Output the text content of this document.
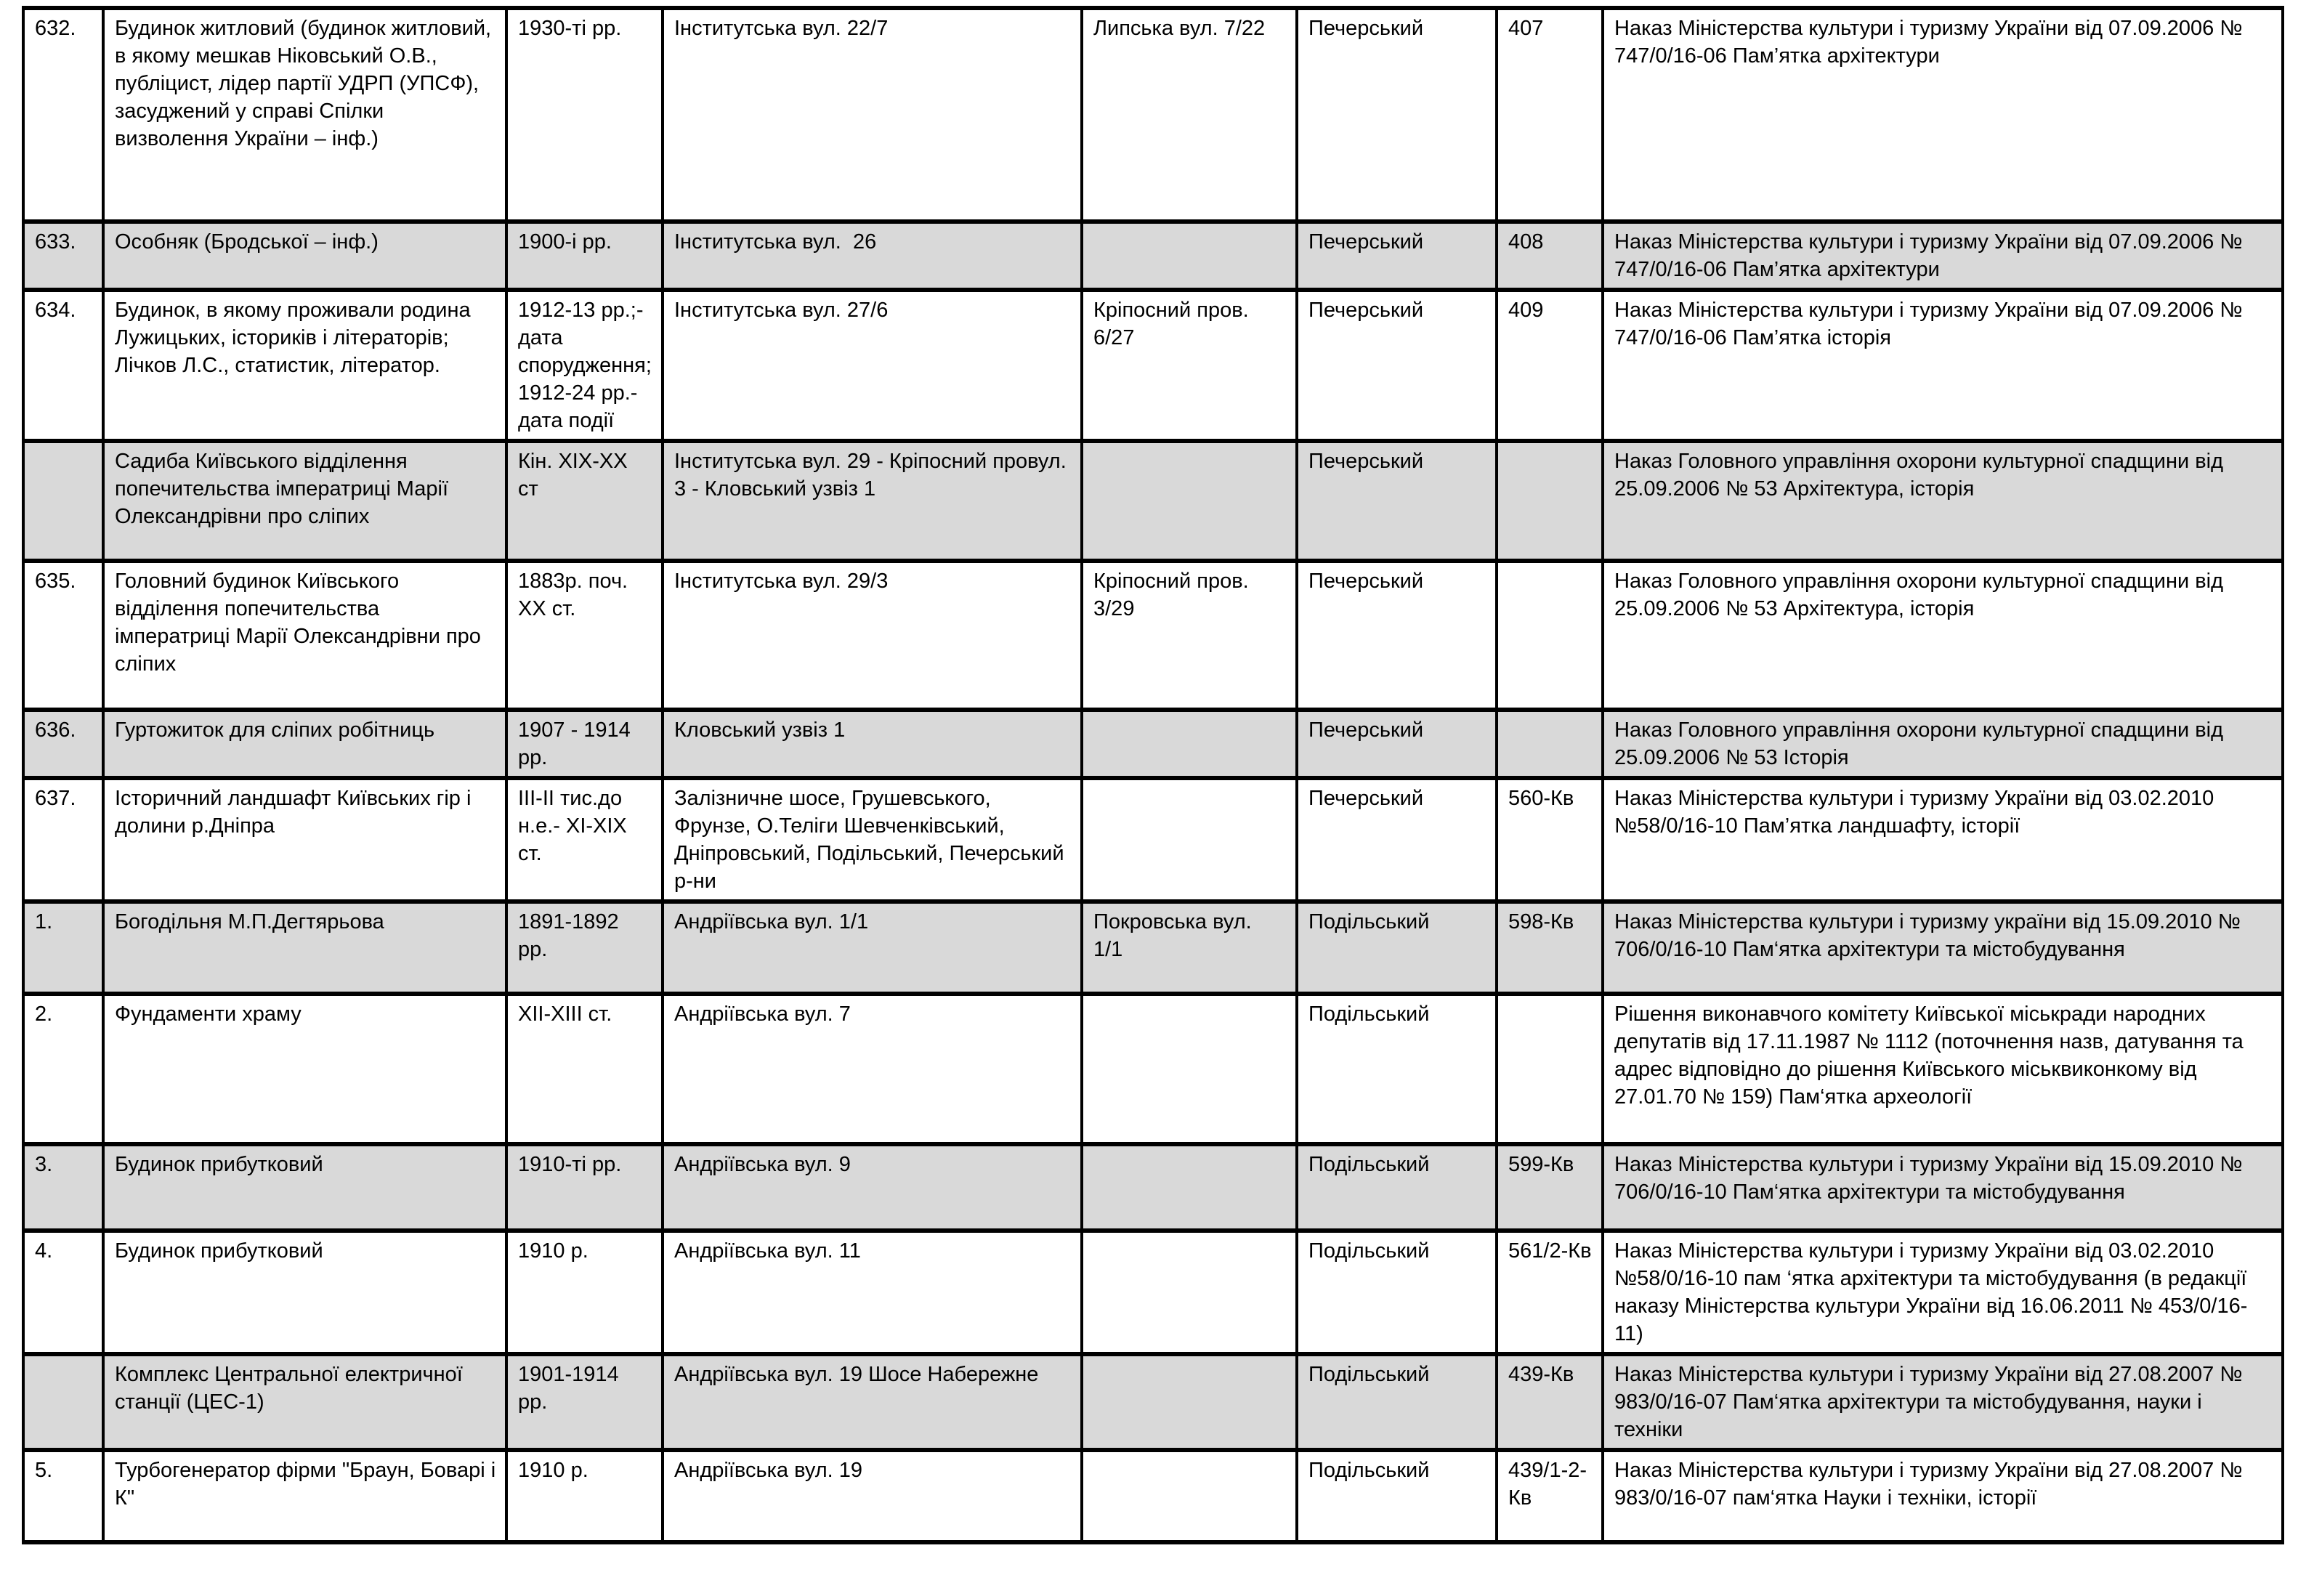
632.	Будинок житловий (будинок житловий, в якому мешкав Ніковський О.В., публіцист, лідер партії УДРП (УПСФ), засуджений у справі Спілки визволення України – інф.)	1930-ті рр.	Інститутська вул. 22/7	Липська вул. 7/22	Печерський	407	Наказ Міністерства культури і туризму України від 07.09.2006 № 747/0/16-06 Пам’ятка архітектури
633.	Особняк (Бродської – інф.)	1900-і рр.	Інститутська вул.  26		Печерський	408	Наказ Міністерства культури і туризму України від 07.09.2006 № 747/0/16-06 Пам’ятка архітектури
634.	Будинок, в якому проживали родина Лужицьких, істориків і літераторів; Лічков Л.С., статистик, літератор.	1912-13 рр.;- дата спорудження; 1912-24 рр.- дата події	Інститутська вул. 27/6	Кріпосний пров. 6/27	Печерський	409	Наказ Міністерства культури і туризму України від 07.09.2006 № 747/0/16-06 Пам’ятка історія
	Садиба Київського відділення попечительства імператриці Марії Олександрівни про сліпих	Кін. ХІХ-ХХ ст	Інститутська вул. 29 - Кріпосний провул. 3 - Кловський узвіз 1		Печерський		Наказ Головного управління охорони культурної спадщини від 25.09.2006 № 53 Архітектура, історія
635.	Головний будинок Київського відділення попечительства імператриці Марії Олександрівни про сліпих	1883р. поч. ХХ ст.	Інститутська вул. 29/3	Кріпосний пров. 3/29	Печерський		Наказ Головного управління охорони культурної спадщини від 25.09.2006 № 53 Архітектура, історія
636.	Гуртожиток для сліпих робітниць	1907 - 1914 рр.	Кловський узвіз 1		Печерський		Наказ Головного управління охорони культурної спадщини від 25.09.2006 № 53 Історія
637.	Історичний ландшафт Київських гір і долини р.Дніпра	ІІІ-ІІ тис.до н.е.- ХІ-ХІХ ст.	Залізничне шосе, Грушевського, Фрунзе, О.Теліги Шевченківський, Дніпровський, Подільський, Печерський р-ни		Печерський	560-Кв	Наказ Міністерства культури і туризму України від 03.02.2010 №58/0/16-10 Пам’ятка ландшафту, історії
1.	Богодільня М.П.Дегтярьова	1891-1892 рр.	Андріївська вул. 1/1	Покровська вул. 1/1	Подільський	598-Кв	Наказ Міністерства культури і туризму україни від 15.09.2010 № 706/0/16-10 Пам‘ятка архітектури та містобудування
2.	Фундаменти храму	ХІІ-ХІІІ ст.	Андріївська вул. 7		Подільський		Рішення виконавчого комітету Київської міськради народних депутатів від 17.11.1987 № 1112 (поточнення назв, датування та адрес відповідно до рішення Київського міськвиконкому від 27.01.70 № 159) Пам‘ятка археології
3.	Будинок прибутковий	1910-ті рр.	Андріївська вул. 9		Подільський	599-Кв	Наказ Міністерства культури і туризму України від 15.09.2010 № 706/0/16-10 Пам‘ятка архітектури та містобудування
4.	Будинок прибутковий	1910 р.	Андріївська вул. 11		Подільський	561/2-Кв	Наказ Міністерства культури і туризму України від 03.02.2010 №58/0/16-10 пам ‘ятка архітектури та містобудування (в редакції наказу Міністерства культури України від 16.06.2011 № 453/0/16-11)
	Комплекс Центральної електричної станції (ЦЕС-1)	1901-1914 рр.	Андріївська вул. 19 Шосе Набережне		Подільський	439-Кв	Наказ Міністерства культури і туризму України від 27.08.2007 № 983/0/16-07 Пам‘ятка архітектури та містобудування, науки і техніки
5.	Турбогенератор фірми "Браун, Боварі і К"	1910 р.	Андріївська вул. 19		Подільський	439/1-2-Кв	Наказ Міністерства культури і туризму України від 27.08.2007 № 983/0/16-07 пам‘ятка Науки і техніки, історії
